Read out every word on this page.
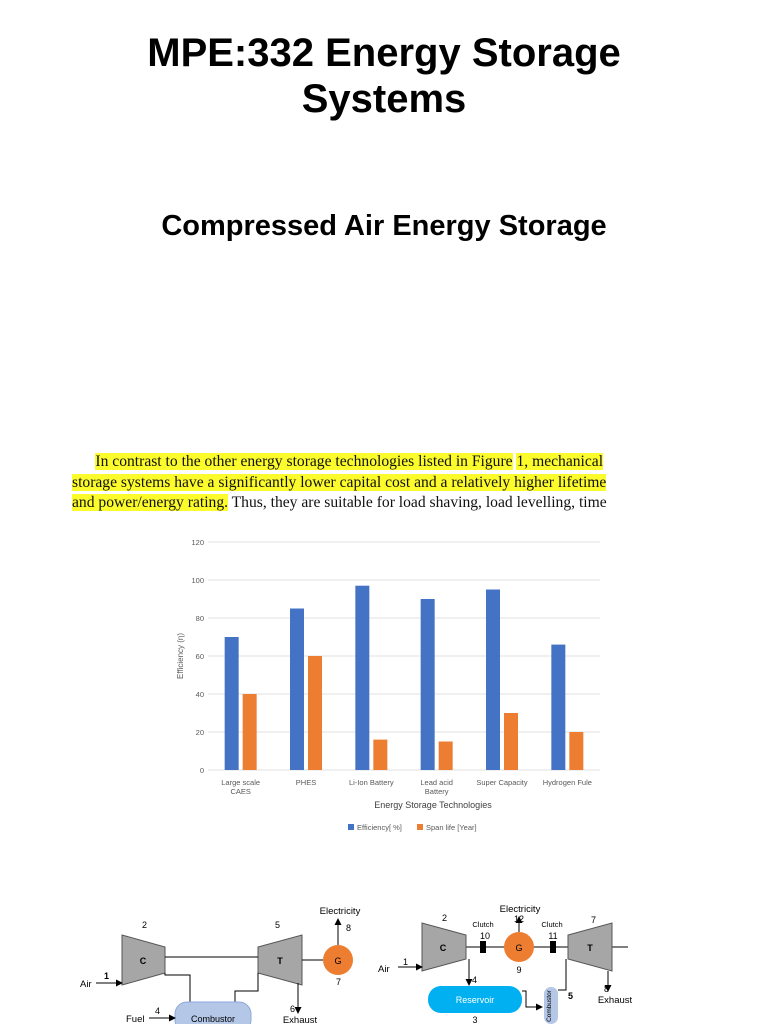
MPE:332 Energy Storage
Systems
Compressed Air Energy Storage
In contrast to the other energy storage technologies listed in Figure 1, mechanical
storage systems have a significantly lower capital cost and a relatively higher lifetime
and power/energy rating. Thus, they are suitable for load shaving, load levelling, time
0
20
40
60
80
100
120
Large scale CAES
PHES	Li-Ion Battery	Lead acid Battery
Super Capacity Hydrogen Fule
Efficiency (η)
Energy Storage Technologies
Efficiency[ %]	Span life [Year]
C	T	G
Electricity
8
7
2	5
Air
1
Combustor
Fuel
4	6
Exhaust
Electricity
C	T
Clutch	Clutch
10	11
G
12
9
2	7
Air
1
4
Reservoir
3	Combustor 5
8
Exhaust
